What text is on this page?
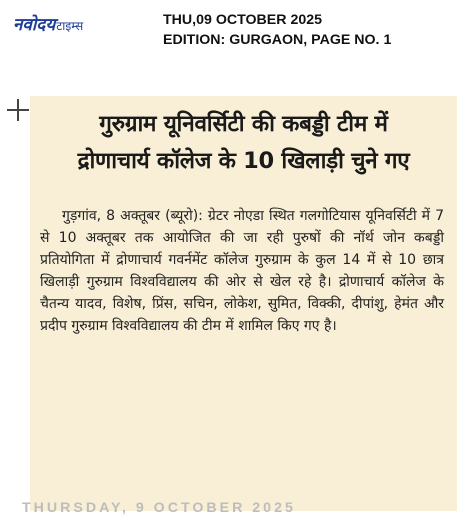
नवोदयटाइम्स	THU,09 OCTOBER 2025
EDITION: GURGAON, PAGE NO. 1
गुरुग्राम यूनिवर्सिटी की कबड्डी टीम में
द्रोणाचार्य कॉलेज के 10 खिलाड़ी चुने गए
गुड़गांव, 8 अक्तूबर (ब्यूरो): ग्रेटर नोएडा स्थित गलगोटियास यूनिवर्सिटी में 7 से 10 अक्तूबर तक आयोजित की जा रही पुरुषों की नॉर्थ जोन कबड्डी प्रतियोगिता में द्रोणाचार्य गवर्नमेंट कॉलेज गुरुग्राम के कुल 14 में से 10 छात्र खिलाड़ी गुरुग्राम विश्वविद्यालय की ओर से खेल रहे है। द्रोणाचार्य कॉलेज के चैतन्य यादव, विशेष, प्रिंस, सचिन, लोकेश, सुमित, विक्की, दीपांशु, हेमंत और प्रदीप गुरुग्राम विश्वविद्यालय की टीम में शामिल किए गए है।
THURSDAY, 9 OCTOBER 2025
